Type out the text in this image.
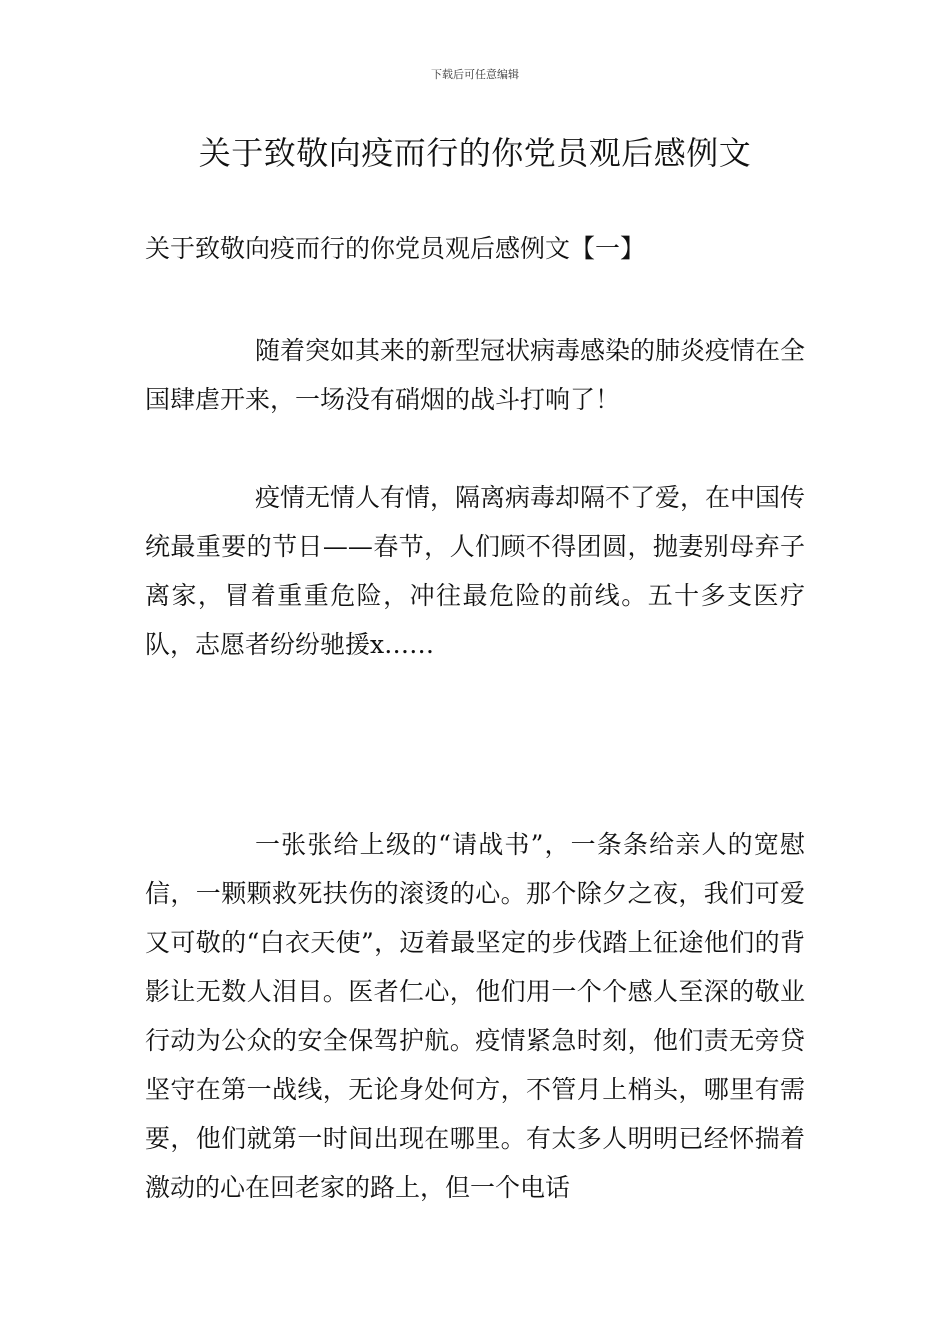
下载后可任意编辑
关于致敬向疫而行的你党员观后感例文
关于致敬向疫而行的你党员观后感例文【一】

随着突如其来的新型冠状病毒感染的肺炎疫情在全国肆虐开来，一场没有硝烟的战斗打响了！

疫情无情人有情，隔离病毒却隔不了爱，在中国传统最重要的节日——春节，人们顾不得团圆，抛妻别母弃子离家，冒着重重危险，冲往最危险的前线。五十多支医疗队，志愿者纷纷驰援x……

一张张给上级的“请战书”，一条条给亲人的宽慰信，一颗颗救死扶伤的滚烫的心。那个除夕之夜，我们可爱又可敬的“白衣天使”，迈着最坚定的步伐踏上征途他们的背影让无数人泪目。医者仁心，他们用一个个感人至深的敬业行动为公众的安全保驾护航。疫情紧急时刻，他们责无旁贷坚守在第一战线，无论身处何方，不管月上梢头，哪里有需要，他们就第一时间出现在哪里。有太多人明明已经怀揣着激动的心在回老家的路上，但一个电话
